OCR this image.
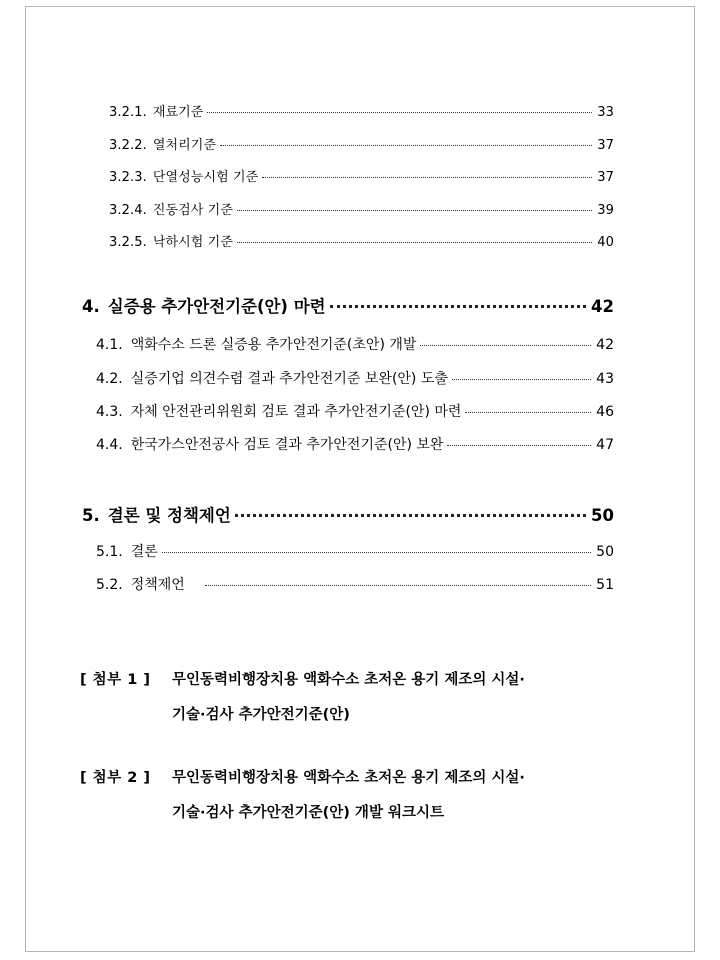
3.2.1. 재료기준	33
3.2.2. 열처리기준	37
3.2.3. 단열성능시험 기준	37
3.2.4. 진동검사 기준	39
3.2.5. 낙하시험 기준	40
4. 실증용 추가안전기준(안) 마련	42
4.1. 액화수소 드론 실증용 추가안전기준(초안) 개발	42
4.2. 실증기업 의견수렴 결과 추가안전기준 보완(안) 도출	43
4.3. 자체 안전관리위원회 검토 결과 추가안전기준(안) 마련	46
4.4. 한국가스안전공사 검토 결과 추가안전기준(안) 보완	47
5. 결론 및 정책제언	50
5.1. 결론	50
5.2. 정책제언	51
[ 첨부 1 ]	무인동력비행장치용 액화수소 초저온 용기 제조의 시설·
기술·검사 추가안전기준(안)
[ 첨부 2 ]	무인동력비행장치용 액화수소 초저온 용기 제조의 시설·
기술·검사 추가안전기준(안) 개발 워크시트
